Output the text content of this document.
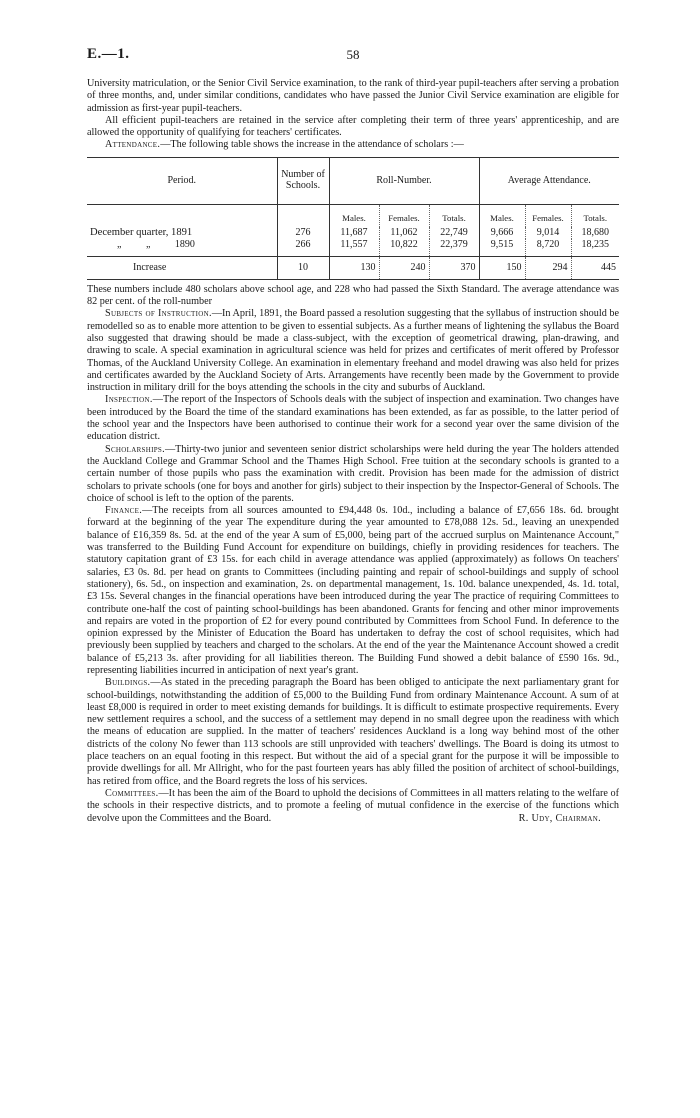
E.—1.	58

University matriculation, or the Senior Civil Service examination, to the rank of third-year pupil-teachers after serving a probation of three months, and, under similar conditions, candidates who have passed the Junior Civil Service examination are eligible for admission as first-year pupil-teachers.

All efficient pupil-teachers are retained in the service after completing their term of three years' apprenticeship, and are allowed the opportunity of qualifying for teachers' certificates.

Attendance.—The following table shows the increase in the attendance of scholars :—

Period.	Number of Schools.	Roll-Number.			Average Attendance.		
		Males.	Females.	Totals.	Males.	Females.	Totals.
December quarter, 1891	276	11,687	11,062	22,749	9,666	9,014	18,680
„ „ 1890	266	11,557	10,822	22,379	9,515	8,720	18,235
Increase	10	130	240	370	150	294	445

These numbers include 480 scholars above school age, and 228 who had passed the Sixth Standard. The average attendance was 82 per cent. of the roll-number

Subjects of Instruction.—In April, 1891, the Board passed a resolution suggesting that the syllabus of instruction should be remodelled so as to enable more attention to be given to essential subjects. As a further means of lightening the syllabus the Board also suggested that drawing should be made a class-subject, with the exception of geometrical drawing, plan-drawing, and drawing to scale. A special examination in agricultural science was held for prizes and certificates of merit offered by Professor Thomas, of the Auckland University College. An examination in elementary freehand and model drawing was also held for prizes and certificates awarded by the Auckland Society of Arts. Arrangements have recently been made by the Government to provide instruction in military drill for the boys attending the schools in the city and suburbs of Auckland.

Inspection.—The report of the Inspectors of Schools deals with the subject of inspection and examination. Two changes have been introduced by the Board the time of the standard examinations has been extended, as far as possible, to the latter period of the school year and the Inspectors have been authorised to continue their work for a second year over the same division of the education district.

Scholarships.—Thirty-two junior and seventeen senior district scholarships were held during the year The holders attended the Auckland College and Grammar School and the Thames High School. Free tuition at the secondary schools is granted to a certain number of those pupils who pass the examination with credit. Provision has been made for the admission of district scholars to private schools (one for boys and another for girls) subject to their inspection by the Inspector-General of Schools. The choice of school is left to the option of the parents.

Finance.—The receipts from all sources amounted to £94,448 0s. 10d., including a balance of £7,656 18s. 6d. brought forward at the beginning of the year The expenditure during the year amounted to £78,088 12s. 5d., leaving an unexpended balance of £16,359 8s. 5d. at the end of the year A sum of £5,000, being part of the accrued surplus on Maintenance Account," was transferred to the Building Fund Account for expenditure on buildings, chiefly in providing residences for teachers. The statutory capitation grant of £3 15s. for each child in average attendance was applied (approximately) as follows On teachers' salaries, £3 0s. 8d. per head on grants to Committees (including painting and repair of school-buildings and supply of school stationery), 6s. 5d., on inspection and examination, 2s. on departmental management, 1s. 10d. balance unexpended, 4s. 1d. total, £3 15s. Several changes in the financial operations have been introduced during the year The practice of requiring Committees to contribute one-half the cost of painting school-buildings has been abandoned. Grants for fencing and other minor improvements and repairs are voted in the proportion of £2 for every pound contributed by Committees from School Fund. In deference to the opinion expressed by the Minister of Education the Board has undertaken to defray the cost of school requisites, which had previously been supplied by teachers and charged to the scholars. At the end of the year the Maintenance Account showed a credit balance of £5,213 3s. after providing for all liabilities thereon. The Building Fund showed a debit balance of £590 16s. 9d., representing liabilities incurred in anticipation of next year's grant.

Buildings.—As stated in the preceding paragraph the Board has been obliged to anticipate the next parliamentary grant for school-buildings, notwithstanding the addition of £5,000 to the Building Fund from ordinary Maintenance Account. A sum of at least £8,000 is required in order to meet existing demands for buildings. It is difficult to estimate prospective requirements. Every new settlement requires a school, and the success of a settlement may depend in no small degree upon the readiness with which the means of education are supplied. In the matter of teachers' residences Auckland is a long way behind most of the other districts of the colony No fewer than 113 schools are still unprovided with teachers' dwellings. The Board is doing its utmost to place teachers on an equal footing in this respect. But without the aid of a special grant for the purpose it will be impossible to provide dwellings for all. Mr Allright, who for the past fourteen years has ably filled the position of architect of school-buildings, has retired from office, and the Board regrets the loss of his services.

Committees.—It has been the aim of the Board to uphold the decisions of Committees in all matters relating to the welfare of the schools in their respective districts, and to promote a feeling of mutual confidence in the exercise of the functions which devolve upon the Committees and the Board.	R. Udy, Chairman.
